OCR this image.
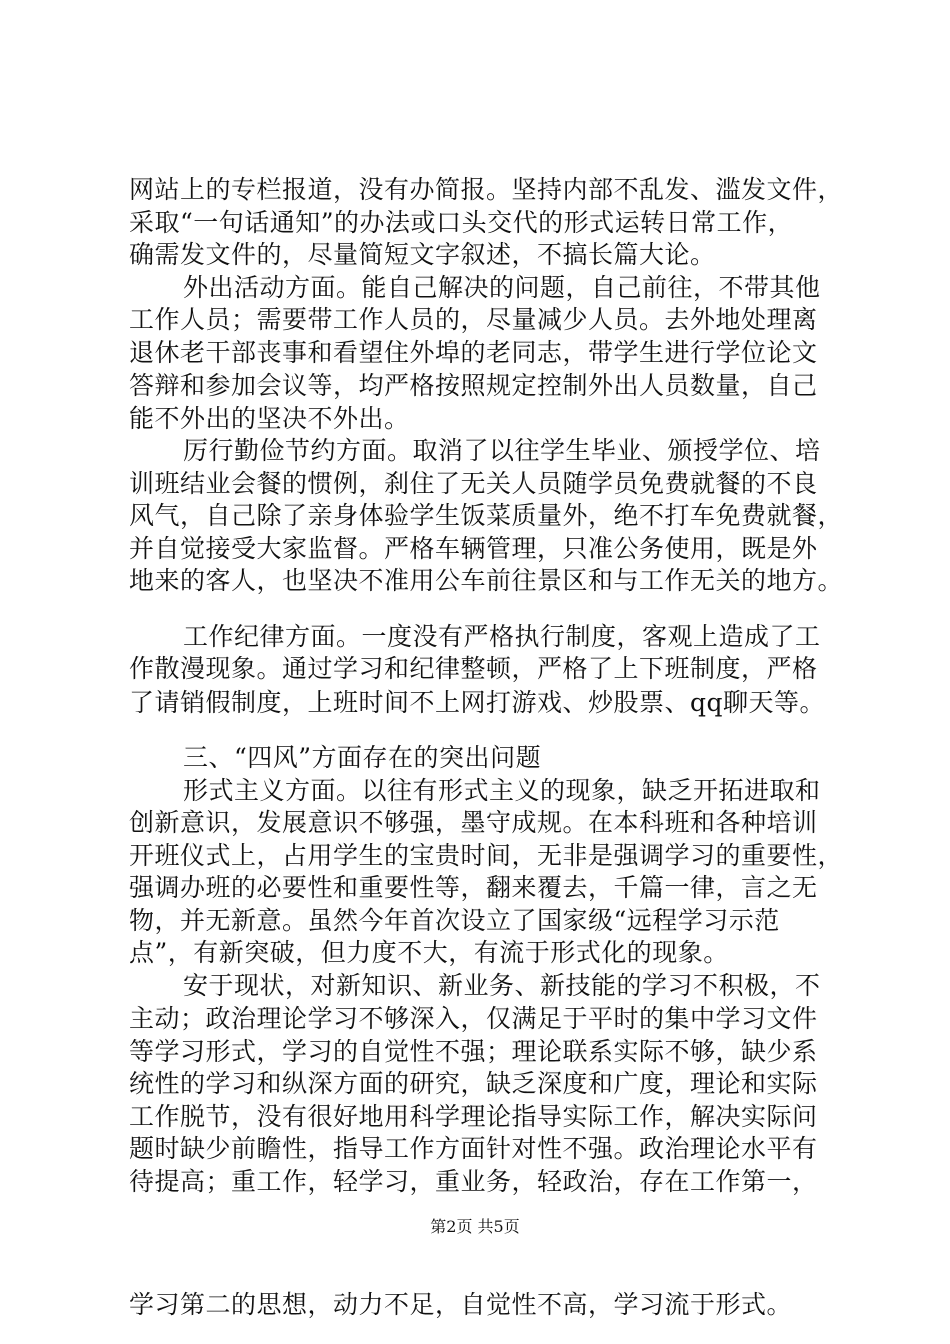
网站上的专栏报道，没有办简报。坚持内部不乱发、滥发文件，
采取“一句话通知”的办法或口头交代的形式运转日常工作，
确需发文件的，尽量简短文字叙述，不搞长篇大论。
外出活动方面。能自己解决的问题，自己前往，不带其他
工作人员；需要带工作人员的，尽量减少人员。去外地处理离
退休老干部丧事和看望住外埠的老同志，带学生进行学位论文
答辩和参加会议等，均严格按照规定控制外出人员数量，自己
能不外出的坚决不外出。
厉行勤俭节约方面。取消了以往学生毕业、颁授学位、培
训班结业会餐的惯例，刹住了无关人员随学员免费就餐的不良
风气，自己除了亲身体验学生饭菜质量外，绝不打车免费就餐，
并自觉接受大家监督。严格车辆管理，只准公务使用，既是外
地来的客人，也坚决不准用公车前往景区和与工作无关的地方。
工作纪律方面。一度没有严格执行制度，客观上造成了工
作散漫现象。通过学习和纪律整顿，严格了上下班制度，严格
了请销假制度，上班时间不上网打游戏、炒股票、qq聊天等。
三、“四风”方面存在的突出问题
形式主义方面。以往有形式主义的现象，缺乏开拓进取和
创新意识，发展意识不够强，墨守成规。在本科班和各种培训
开班仪式上，占用学生的宝贵时间，无非是强调学习的重要性，
强调办班的必要性和重要性等，翻来覆去，千篇一律，言之无
物，并无新意。虽然今年首次设立了国家级“远程学习示范
点”，有新突破，但力度不大，有流于形式化的现象。
安于现状，对新知识、新业务、新技能的学习不积极，不
主动；政治理论学习不够深入，仅满足于平时的集中学习文件
等学习形式，学习的自觉性不强；理论联系实际不够，缺少系
统性的学习和纵深方面的研究，缺乏深度和广度，理论和实际
工作脱节，没有很好地用科学理论指导实际工作，解决实际问
题时缺少前瞻性，指导工作方面针对性不强。政治理论水平有
待提高；重工作，轻学习，重业务，轻政治，存在工作第一，
学习第二的思想，动力不足，自觉性不高，学习流于形式。
第2页 共5页
